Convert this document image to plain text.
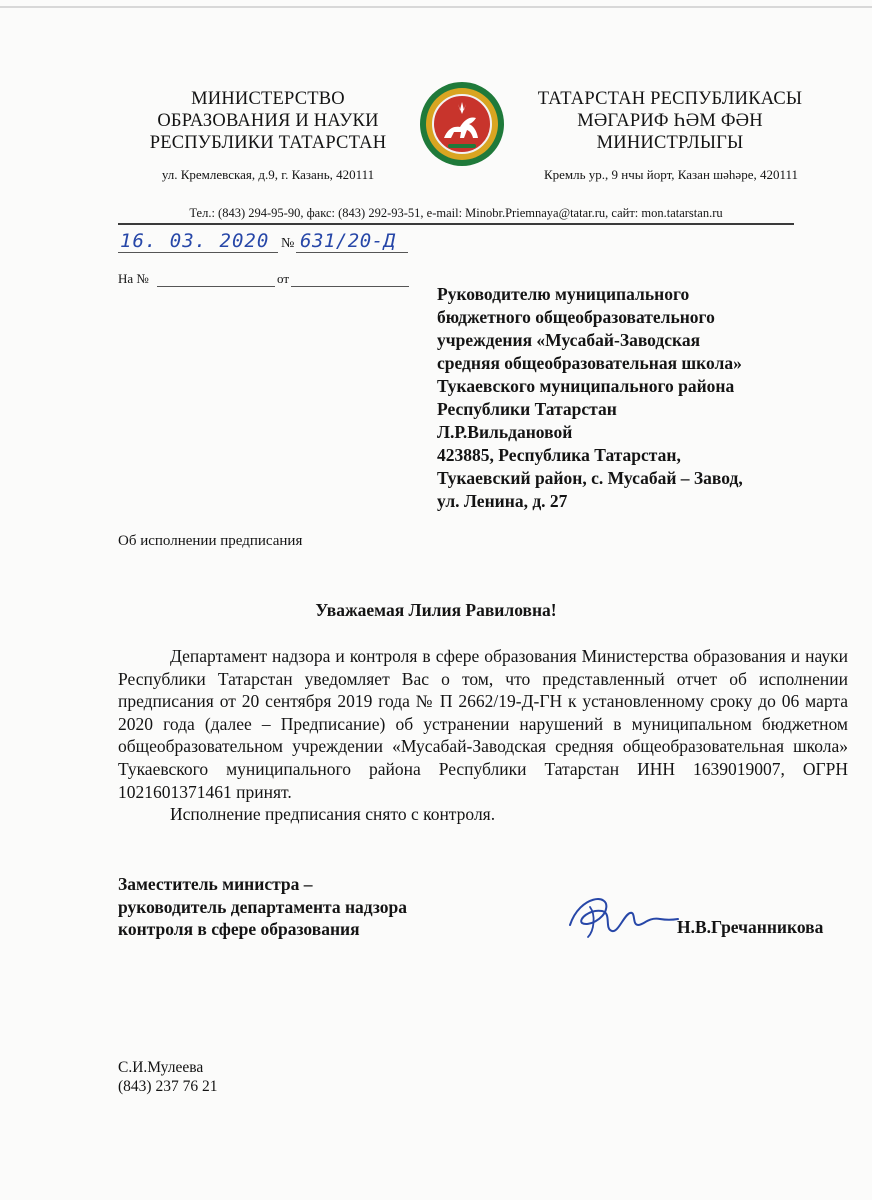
МИНИСТЕРСТВО
ОБРАЗОВАНИЯ И НАУКИ
РЕСПУБЛИКИ ТАТАРСТАН
ТАТАРСТАН РЕСПУБЛИКАСЫ
МӘГАРИФ ҺӘМ ФӘН
МИНИСТРЛЫГЫ
ул. Кремлевская, д.9, г. Казань, 420111	Кремль ур., 9 нчы йорт, Казан шәһәре, 420111
Тел.: (843) 294-95-90, факс: (843) 292-93-51, e-mail: Minobr.Priemnaya@tatar.ru, сайт: mon.tatarstan.ru
16. 03. 2020 № 631/20-Д
На №	от
Руководителю муниципального
бюджетного общеобразовательного
учреждения «Мусабай-Заводская
средняя общеобразовательная школа»
Тукаевского муниципального района
Республики Татарстан
Л.Р.Вильдановой
423885, Республика Татарстан,
Тукаевский район, с. Мусабай – Завод,
ул. Ленина, д. 27
Об исполнении предписания
Уважаемая Лилия Равиловна!

Департамент надзора и контроля в сфере образования Министерства образования и науки Республики Татарстан уведомляет Вас о том, что представленный отчет об исполнении предписания от 20 сентября 2019 года № П 2662/19-Д-ГН к установленному сроку до 06 марта 2020 года (далее – Предписание) об устранении нарушений в муниципальном бюджетном общеобразовательном учреждении «Мусабай-Заводская средняя общеобразовательная школа» Тукаевского муниципального района Республики Татарстан ИНН 1639019007, ОГРН 1021601371461 принят.

Исполнение предписания снято с контроля.

Заместитель министра –
руководитель департамента надзора
контроля в сфере образования	Н.В.Гречанникова
С.И.Мулеева
(843) 237 76 21
